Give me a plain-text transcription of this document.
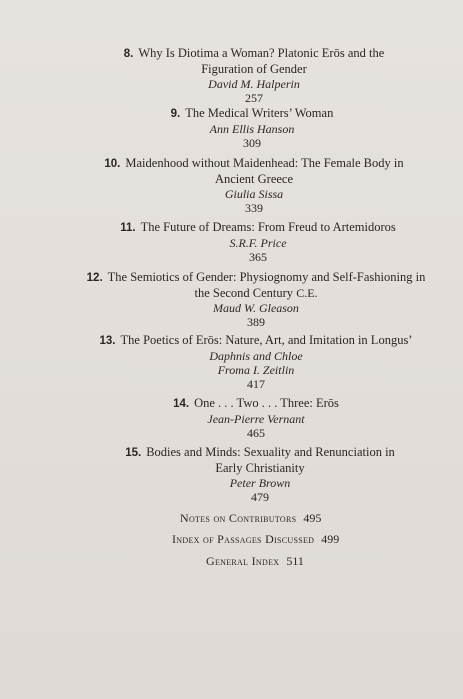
8. Why Is Diotima a Woman? Platonic Erōs and the
Figuration of Gender
David M. Halperin
257
9. The Medical Writers’ Woman
Ann Ellis Hanson
309
10. Maidenhood without Maidenhead: The Female Body in
Ancient Greece
Giulia Sissa
339
11. The Future of Dreams: From Freud to Artemidoros
S.R.F. Price
365
12. The Semiotics of Gender: Physiognomy and Self-Fashioning in
the Second Century C.E.
Maud W. Gleason
389
13. The Poetics of Erōs: Nature, Art, and Imitation in Longus’
Daphnis and Chloe
Froma I. Zeitlin
417
14. One . . . Two . . . Three: Erōs
Jean-Pierre Vernant
465
15. Bodies and Minds: Sexuality and Renunciation in
Early Christianity
Peter Brown
479
Notes on Contributors 495
Index of Passages Discussed 499
General Index 511
